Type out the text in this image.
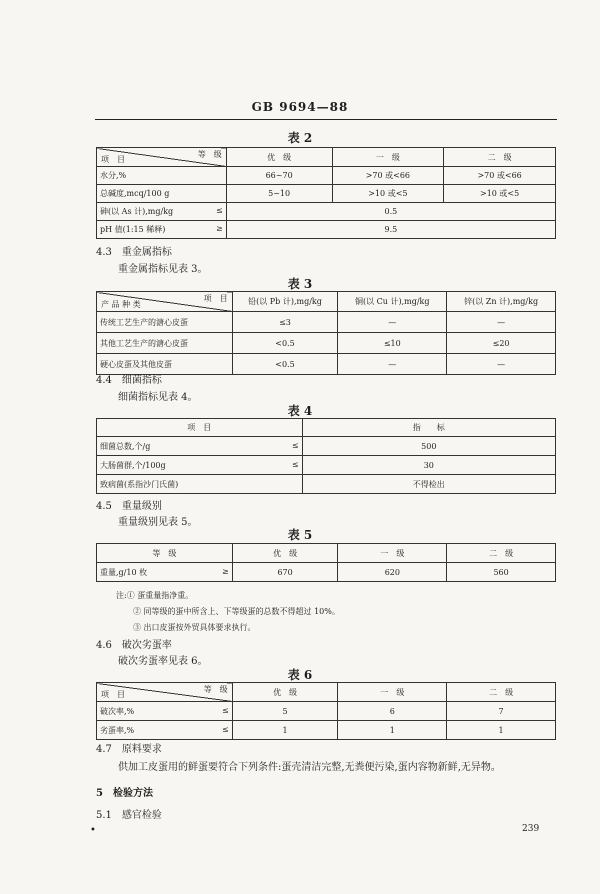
GB 9694—88
表 2
等　级
项　目	优　级	一　级	二　级
水分,%	66~70	>70 或<66	>70 或<66
总碱度,mcq/100 g	5~10	>10 或<5	>10 或<5
砷(以 As 计),mg/kg ≤	0.5		
pH 值(1:15 稀释) ≥	9.5		
4.3　重金属指标
重金属指标见表 3。
表 3
项　目
产 品 种 类	铅(以 Pb 计),mg/kg	铜(以 Cu 计),mg/kg	锌(以 Zn 计),mg/kg
传统工艺生产的溏心皮蛋	≤3	—	—
其他工艺生产的溏心皮蛋	<0.5	≤10	≤20
硬心皮蛋及其他皮蛋	<0.5	—	—
4.4　细菌指标
细菌指标见表 4。
表 4
项　目	指　　标
细菌总数,个/g ≤	500
大肠菌群,个/100g ≤	30
致病菌(系指沙门氏菌)	不得检出
4.5　重量级别
重量级别见表 5。
表 5
等　级	优　级	一　级	二　级
重量,g/10 枚 ≥	670	620	560
注:① 蛋重量指净重。
② 同等级的蛋中所含上、下等级蛋的总数不得超过 10%。
③ 出口皮蛋按外贸具体要求执行。
4.6　破次劣蛋率
破次劣蛋率见表 6。
表 6
等　级
项　目	优　级	一　级	二　级
破次率,% ≤	5	6	7
劣蛋率,% ≤	1	1	1
4.7　原料要求
供加工皮蛋用的鲜蛋要符合下列条件:蛋壳清洁完整,无粪便污染,蛋内容物新鲜,无异物。
5　检验方法
5.1　感官检验
•	239
